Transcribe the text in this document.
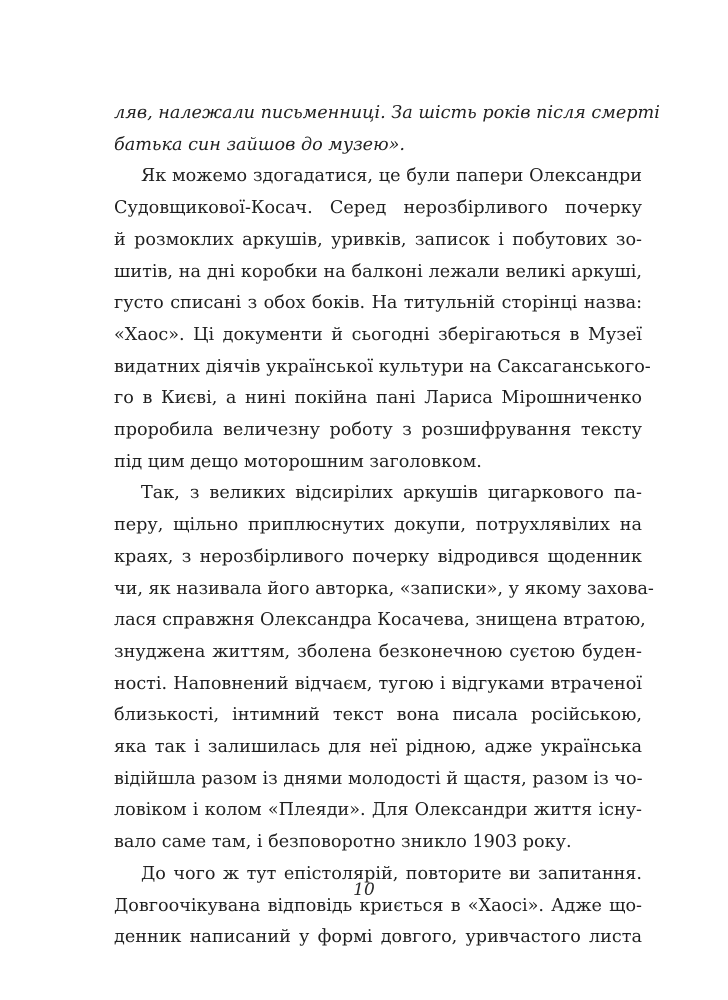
ляв, належали письменниці. За шість років після смерті
батька син зайшов до музею».
Як можемо здогадатися, це були папери Олександри
Судовщикової-Косач. Серед нерозбірливого почерку
й розмоклих аркушів, уривків, записок і побутових зо-
шитів, на дні коробки на балконі лежали великі аркуші,
густо списані з обох боків. На титульній сторінці назва:
«Хаос». Ці документи й сьогодні зберігаються в Музеї
видатних діячів української культури на Саксаганського-
го в Києві, а нині покійна пані Лариса Мірошниченко
проробила величезну роботу з розшифрування тексту
під цим дещо моторошним заголовком.
Так, з великих відсирілих аркушів цигаркового па-
перу, щільно приплюснутих докупи, потрухлявілих на
краях, з нерозбірливого почерку відродився щоденник
чи, як називала його авторка, «записки», у якому захова-
лася справжня Олександра Косачева, знищена втратою,
знуджена життям, зболена безконечною суєтою буден-
ності. Наповнений відчаєм, тугою і відгуками втраченої
близькості, інтимний текст вона писала російською,
яка так і залишилась для неї рідною, адже українська
відійшла разом із днями молодості й щастя, разом із чо-
ловіком і колом «Плеяди». Для Олександри життя існу-
вало саме там, і безповоротно зникло 1903 року.
До чого ж тут епістолярій, повторите ви запитання.
Довгоочікувана відповідь криється в «Хаосі». Адже що-
денник написаний у формі довгого, уривчастого листа
10
